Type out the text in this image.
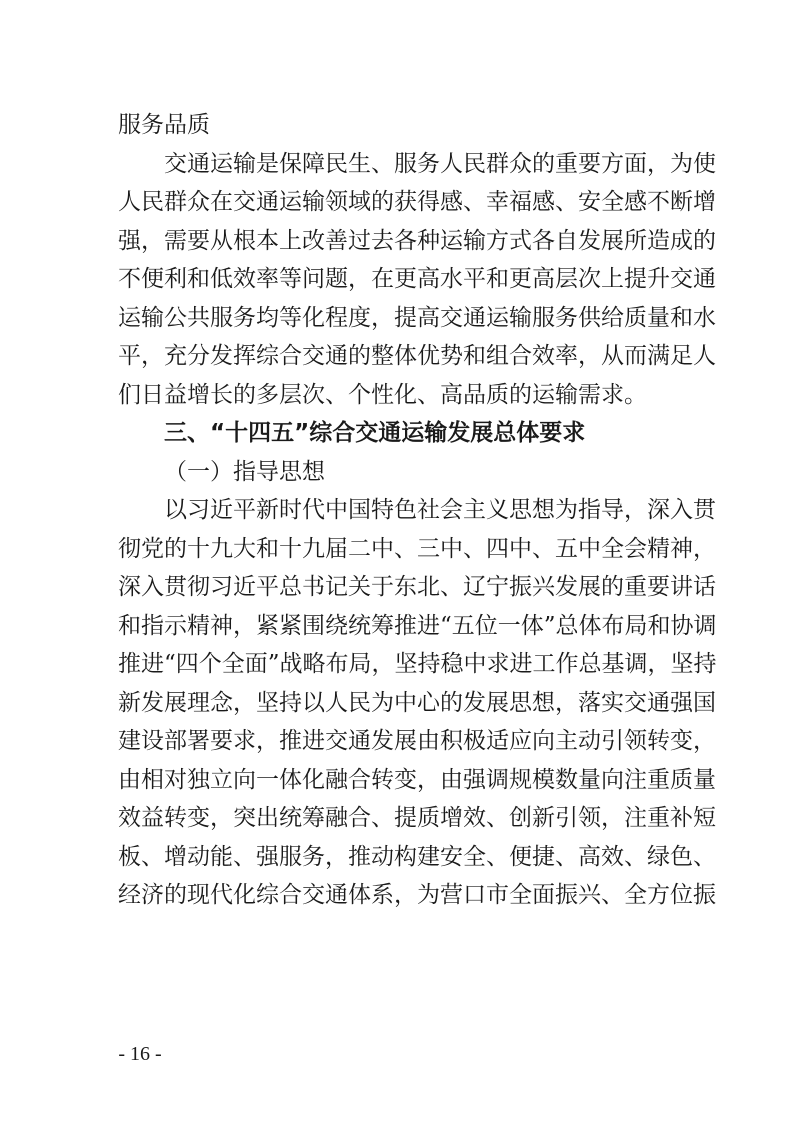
服务品质
交通运输是保障民生、服务人民群众的重要方面，为使
人民群众在交通运输领域的获得感、幸福感、安全感不断增
强，需要从根本上改善过去各种运输方式各自发展所造成的
不便利和低效率等问题，在更高水平和更高层次上提升交通
运输公共服务均等化程度，提高交通运输服务供给质量和水
平，充分发挥综合交通的整体优势和组合效率，从而满足人
们日益增长的多层次、个性化、高品质的运输需求。
三、“十四五”综合交通运输发展总体要求
（一）指导思想
以习近平新时代中国特色社会主义思想为指导，深入贯
彻党的十九大和十九届二中、三中、四中、五中全会精神，
深入贯彻习近平总书记关于东北、辽宁振兴发展的重要讲话
和指示精神，紧紧围绕统筹推进“五位一体”总体布局和协调
推进“四个全面”战略布局，坚持稳中求进工作总基调，坚持
新发展理念，坚持以人民为中心的发展思想，落实交通强国
建设部署要求，推进交通发展由积极适应向主动引领转变，
由相对独立向一体化融合转变，由强调规模数量向注重质量
效益转变，突出统筹融合、提质增效、创新引领，注重补短
板、增动能、强服务，推动构建安全、便捷、高效、绿色、
经济的现代化综合交通体系，为营口市全面振兴、全方位振
- 16 -
